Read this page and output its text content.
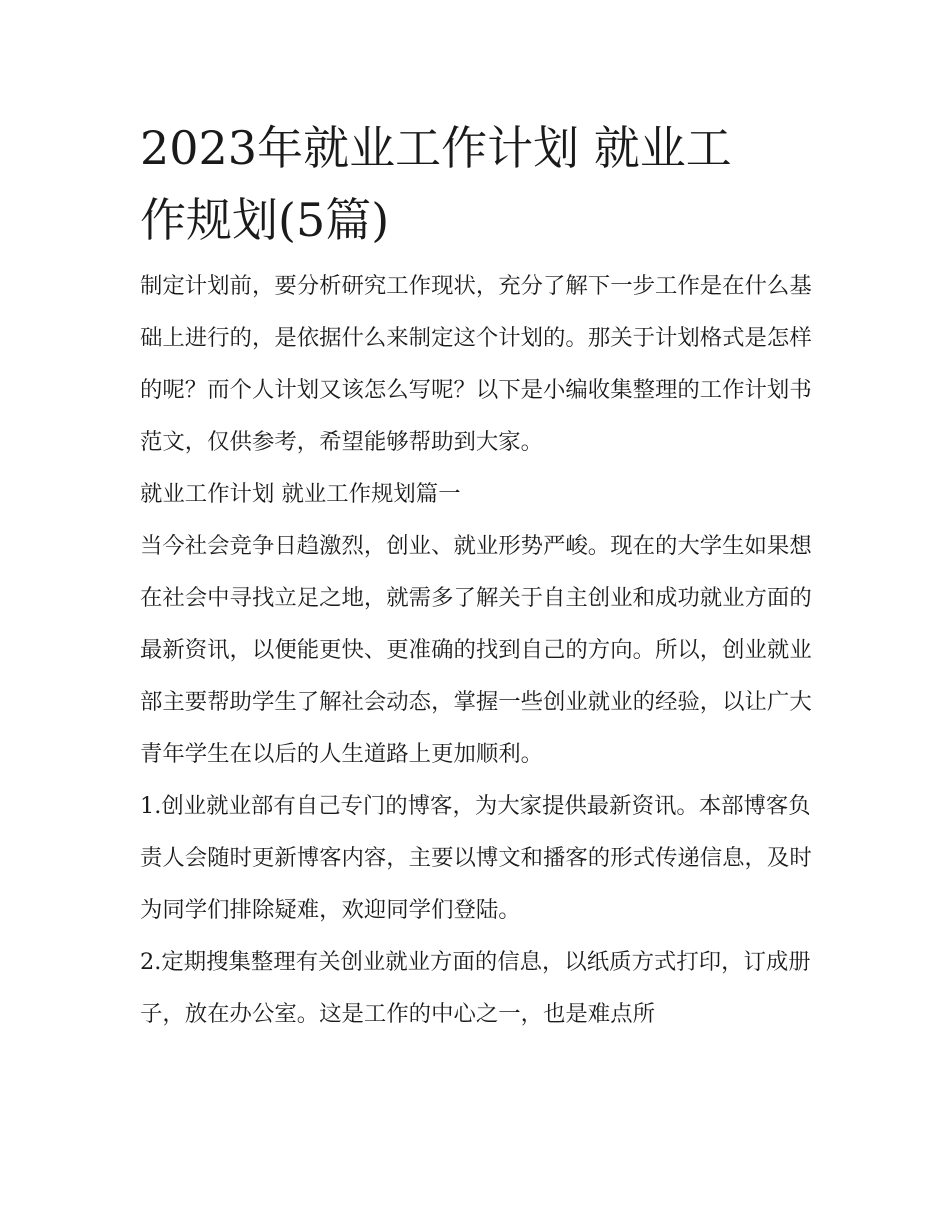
2023年就业工作计划 就业工
作规划(5篇)

制定计划前，要分析研究工作现状，充分了解下一步工作是在什么基础上进行的，是依据什么来制定这个计划的。那关于计划格式是怎样的呢？而个人计划又该怎么写呢？以下是小编收集整理的工作计划书范文，仅供参考，希望能够帮助到大家。

就业工作计划 就业工作规划篇一

当今社会竞争日趋激烈，创业、就业形势严峻。现在的大学生如果想在社会中寻找立足之地，就需多了解关于自主创业和成功就业方面的最新资讯，以便能更快、更准确的找到自己的方向。所以，创业就业部主要帮助学生了解社会动态，掌握一些创业就业的经验，以让广大青年学生在以后的人生道路上更加顺利。

1.创业就业部有自己专门的博客，为大家提供最新资讯。本部博客负责人会随时更新博客内容，主要以博文和播客的形式传递信息，及时为同学们排除疑难，欢迎同学们登陆。

2.定期搜集整理有关创业就业方面的信息，以纸质方式打印，订成册子，放在办公室。这是工作的中心之一，也是难点所
